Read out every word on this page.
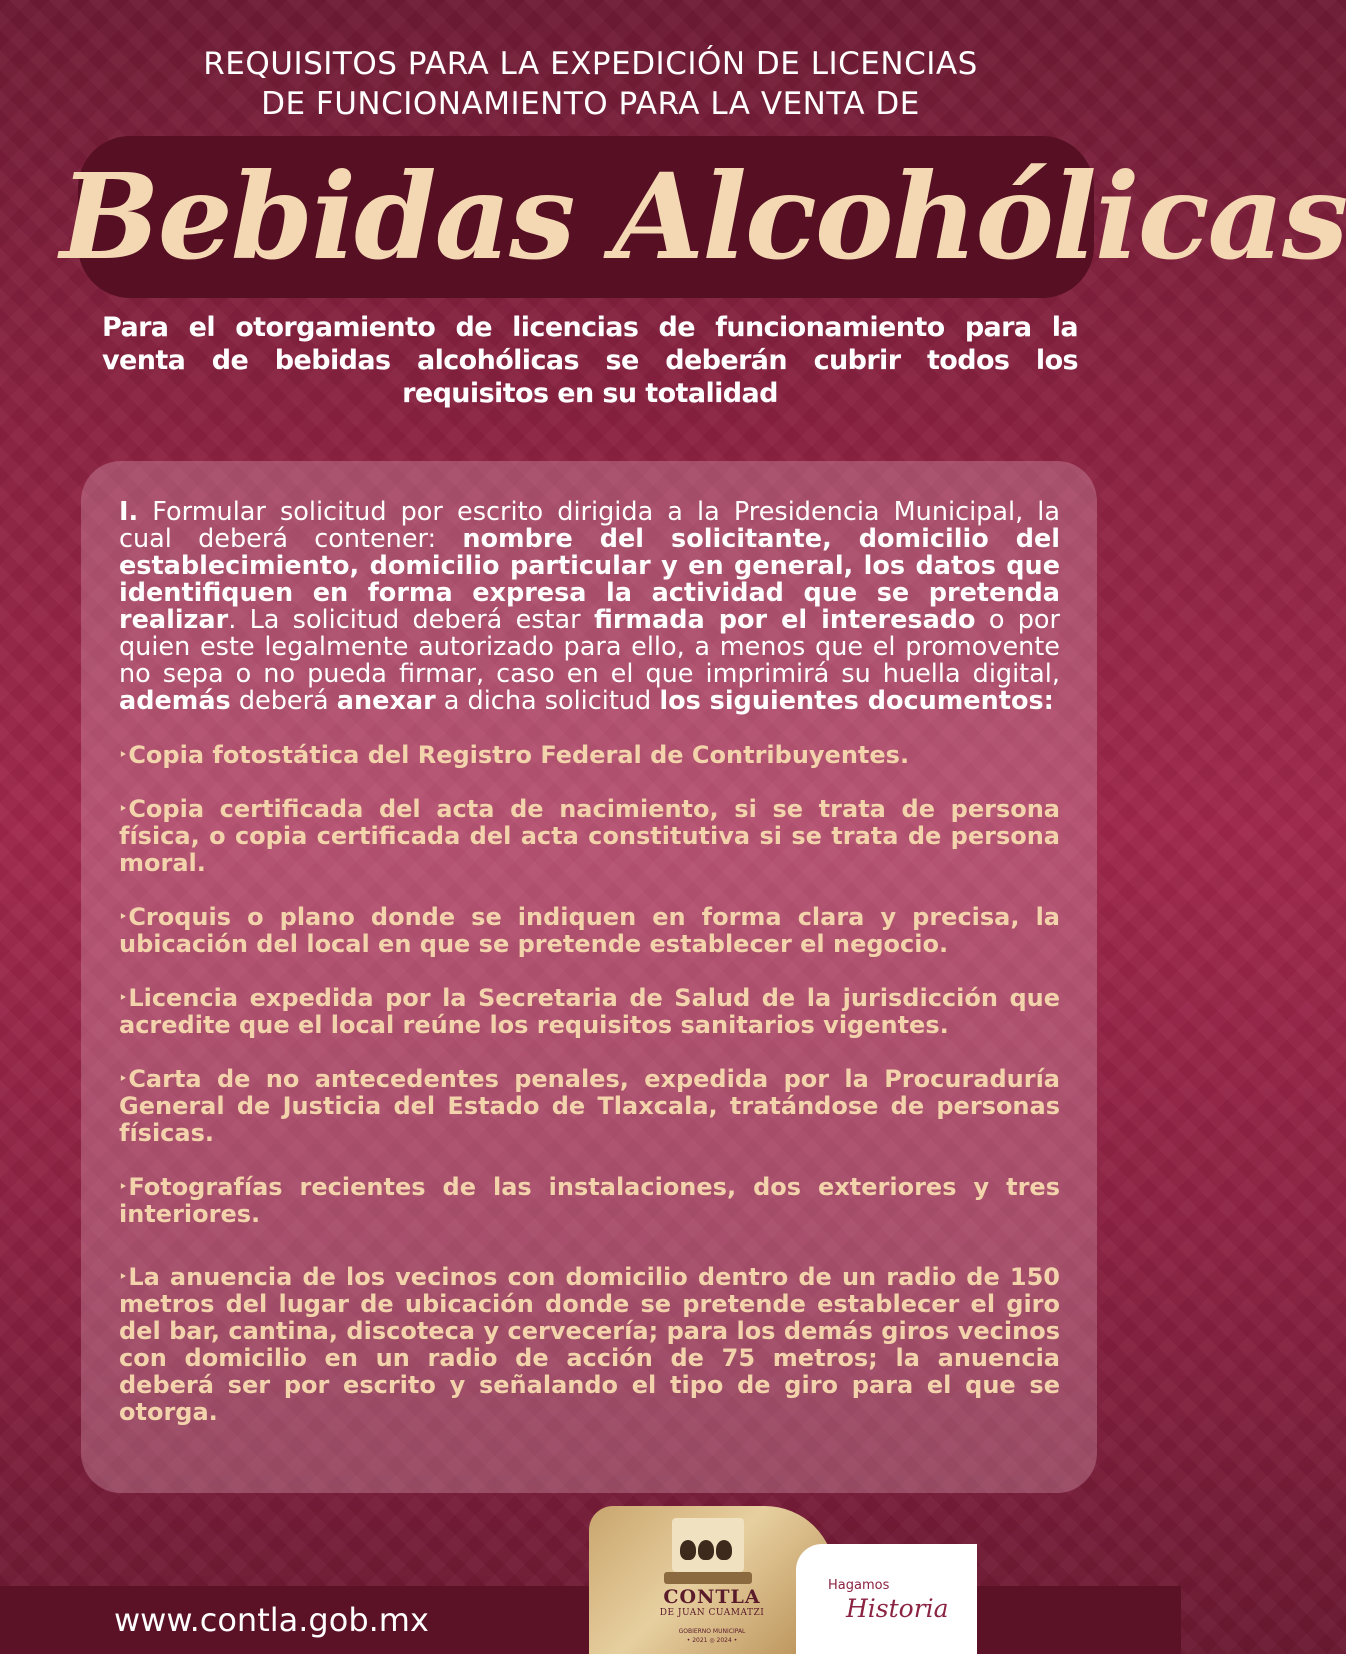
REQUISITOS PARA LA EXPEDICIÓN DE LICENCIAS
DE FUNCIONAMIENTO PARA LA VENTA DE
Bebidas Alcohólicas
Para el otorgamiento de licencias de funcionamiento para la venta de bebidas alcohólicas se deberán cubrir todos los requisitos en su totalidad

I. Formular solicitud por escrito dirigida a la Presidencia Municipal, la cual deberá contener: nombre del solicitante, domicilio del establecimiento, domicilio particular y en general, los datos que identifiquen en forma expresa la actividad que se pretenda realizar. La solicitud deberá estar firmada por el interesado o por quien este legalmente autorizado para ello, a menos que el promovente no sepa o no pueda firmar, caso en el que imprimirá su huella digital, además deberá anexar a dicha solicitud los siguientes documentos:

‣Copia fotostática del Registro Federal de Contribuyentes.

‣Copia certificada del acta de nacimiento, si se trata de persona física, o copia certificada del acta constitutiva si se trata de persona moral.

‣Croquis o plano donde se indiquen en forma clara y precisa, la ubicación del local en que se pretende establecer el negocio.

‣Licencia expedida por la Secretaria de Salud de la jurisdicción que acredite que el local reúne los requisitos sanitarios vigentes.

‣Carta de no antecedentes penales, expedida por la Procuraduría General de Justicia del Estado de Tlaxcala, tratándose de personas físicas.

‣Fotografías recientes de las instalaciones, dos exteriores y tres interiores.

‣La anuencia de los vecinos con domicilio dentro de un radio de 150 metros del lugar de ubicación donde se pretende establecer el giro del bar, cantina, discoteca y cervecería; para los demás giros vecinos con domicilio en un radio de acción de 75 metros; la anuencia deberá ser por escrito y señalando el tipo de giro para el que se otorga.

www.contla.gob.mx
CONTLA
DE JUAN CUAMATZI
GOBIERNO MUNICIPAL
• 2021 ◎ 2024 •
Hagamos
Historia
